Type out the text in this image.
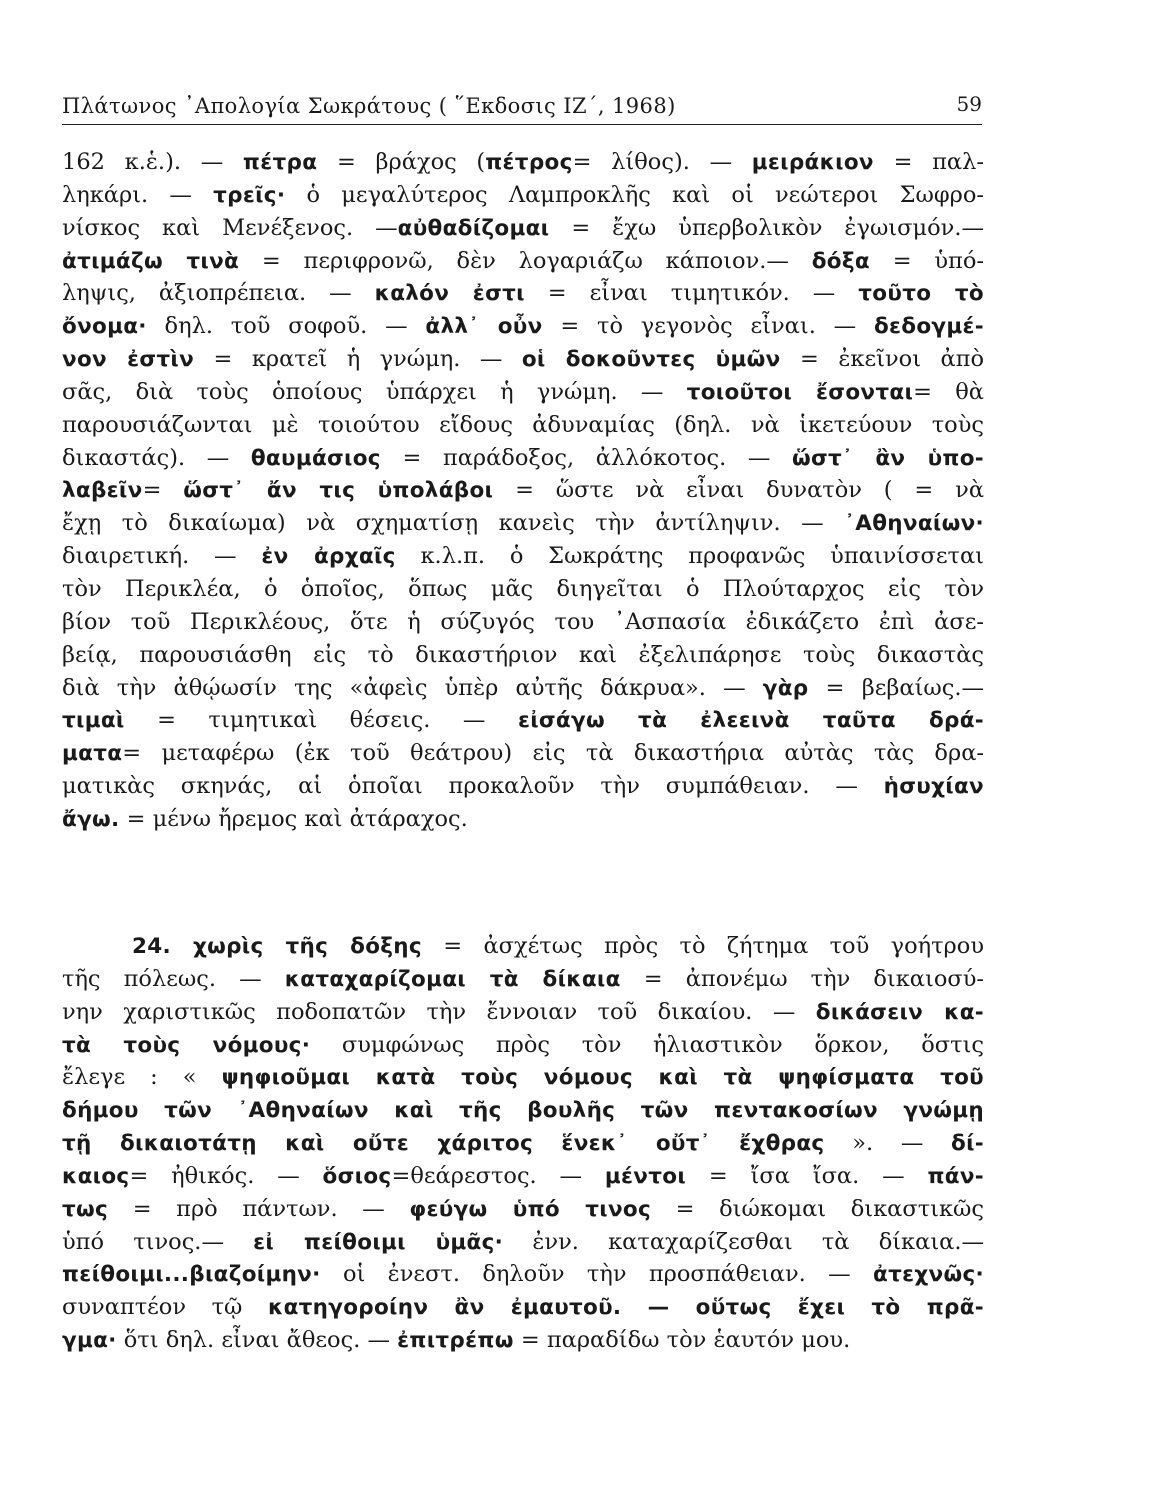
Πλάτωνος ᾿Απολογία Σωκράτους ( ῞Εκδοσις ΙΖ΄, 1968)	59
162 κ.ἑ.). — πέτρα = βράχος (πέτρος= λίθος). — μειράκιον = παλ-
ληκάρι. — τρεῖς· ὁ μεγαλύτερος Λαμπροκλῆς καὶ οἱ νεώτεροι Σωφρο-
νίσκος καὶ Μενέξενος. —αὐθαδίζομαι = ἔχω ὑπερβολικὸν ἐγωισμόν.—
ἀτιμάζω τινὰ = περιφρονῶ, δὲν λογαριάζω κάποιον.— δόξα = ὑπό-
ληψις, ἀξιοπρέπεια. — καλόν ἐστι = εἶναι τιμητικόν. — τοῦτο τὸ
ὄνομα· δηλ. τοῦ σοφοῦ. — ἀλλ᾿ οὖν = τὸ γεγονὸς εἶναι. — δεδογμέ-
νον ἐστὶν = κρατεῖ ἡ γνώμη. — οἱ δοκοῦντες ὑμῶν = ἐκεῖνοι ἀπὸ
σᾶς, διὰ τοὺς ὁποίους ὑπάρχει ἡ γνώμη. — τοιοῦτοι ἔσονται= θὰ
παρουσιάζωνται μὲ τοιούτου εἴδους ἀδυναμίας (δηλ. νὰ ἱκετεύουν τοὺς
δικαστάς). — θαυμάσιος = παράδοξος, ἀλλόκοτος. — ὥστ᾿ ἂν ὑπο-
λαβεῖν= ὥστ᾿ ἄν τις ὑπολάβοι = ὥστε νὰ εἶναι δυνατὸν ( = νὰ
ἔχῃ τὸ δικαίωμα) νὰ σχηματίσῃ κανεὶς τὴν ἀντίληψιν. — ᾿Αθηναίων·
διαιρετική. — ἐν ἀρχαῖς κ.λ.π. ὁ Σωκράτης προφανῶς ὑπαινίσσεται
τὸν Περικλέα, ὁ ὁποῖος, ὅπως μᾶς διηγεῖται ὁ Πλούταρχος εἰς τὸν
βίον τοῦ Περικλέους, ὅτε ἡ σύζυγός του ᾿Ασπασία ἐδικάζετο ἐπὶ ἀσε-
βείᾳ, παρουσιάσθη εἰς τὸ δικαστήριον καὶ ἐξελιπάρησε τοὺς δικαστὰς
διὰ τὴν ἀθῴωσίν της «ἀφεὶς ὑπὲρ αὐτῆς δάκρυα». — γὰρ = βεβαίως.—
τιμαὶ = τιμητικαὶ θέσεις. — εἰσάγω τὰ ἐλεεινὰ ταῦτα δρά-
ματα= μεταφέρω (ἐκ τοῦ θεάτρου) εἰς τὰ δικαστήρια αὐτὰς τὰς δρα-
ματικὰς σκηνάς, αἱ ὁποῖαι προκαλοῦν τὴν συμπάθειαν. — ἡσυχίαν
ἄγω. = μένω ἤρεμος καὶ ἀτάραχος.
24. χωρὶς τῆς δόξης = ἀσχέτως πρὸς τὸ ζήτημα τοῦ γοήτρου
τῆς πόλεως. — καταχαρίζομαι τὰ δίκαια = ἀπονέμω τὴν δικαιοσύ-
νην χαριστικῶς ποδοπατῶν τὴν ἔννοιαν τοῦ δικαίου. — δικάσειν κα-
τὰ τοὺς νόμους· συμφώνως πρὸς τὸν ἡλιαστικὸν ὅρκον, ὅστις
ἔλεγε : « ψηφιοῦμαι κατὰ τοὺς νόμους καὶ τὰ ψηφίσματα τοῦ
δήμου τῶν ᾿Αθηναίων καὶ τῆς βουλῆς τῶν πεντακοσίων γνώμῃ
τῇ δικαιοτάτῃ καὶ οὔτε χάριτος ἕνεκ᾿ οὔτ᾿ ἔχθρας ». — δί-
καιος= ἠθικός. — ὅσιος=θεάρεστος. — μέντοι = ἴσα ἴσα. — πάν-
τως = πρὸ πάντων. — φεύγω ὑπό τινος = διώκομαι δικαστικῶς
ὑπό τινος.— εἰ πείθοιμι ὑμᾶς· ἐνν. καταχαρίζεσθαι τὰ δίκαια.—
πείθοιμι...βιαζοίμην· οἱ ἐνεστ. δηλοῦν τὴν προσπάθειαν. — ἀτεχνῶς·
συναπτέον τῷ κατηγοροίην ἂν ἐμαυτοῦ. — οὕτως ἔχει τὸ πρᾶ-
γμα· ὅτι δηλ. εἶναι ἄθεος. — ἐπιτρέπω = παραδίδω τὸν ἑαυτόν μου.
